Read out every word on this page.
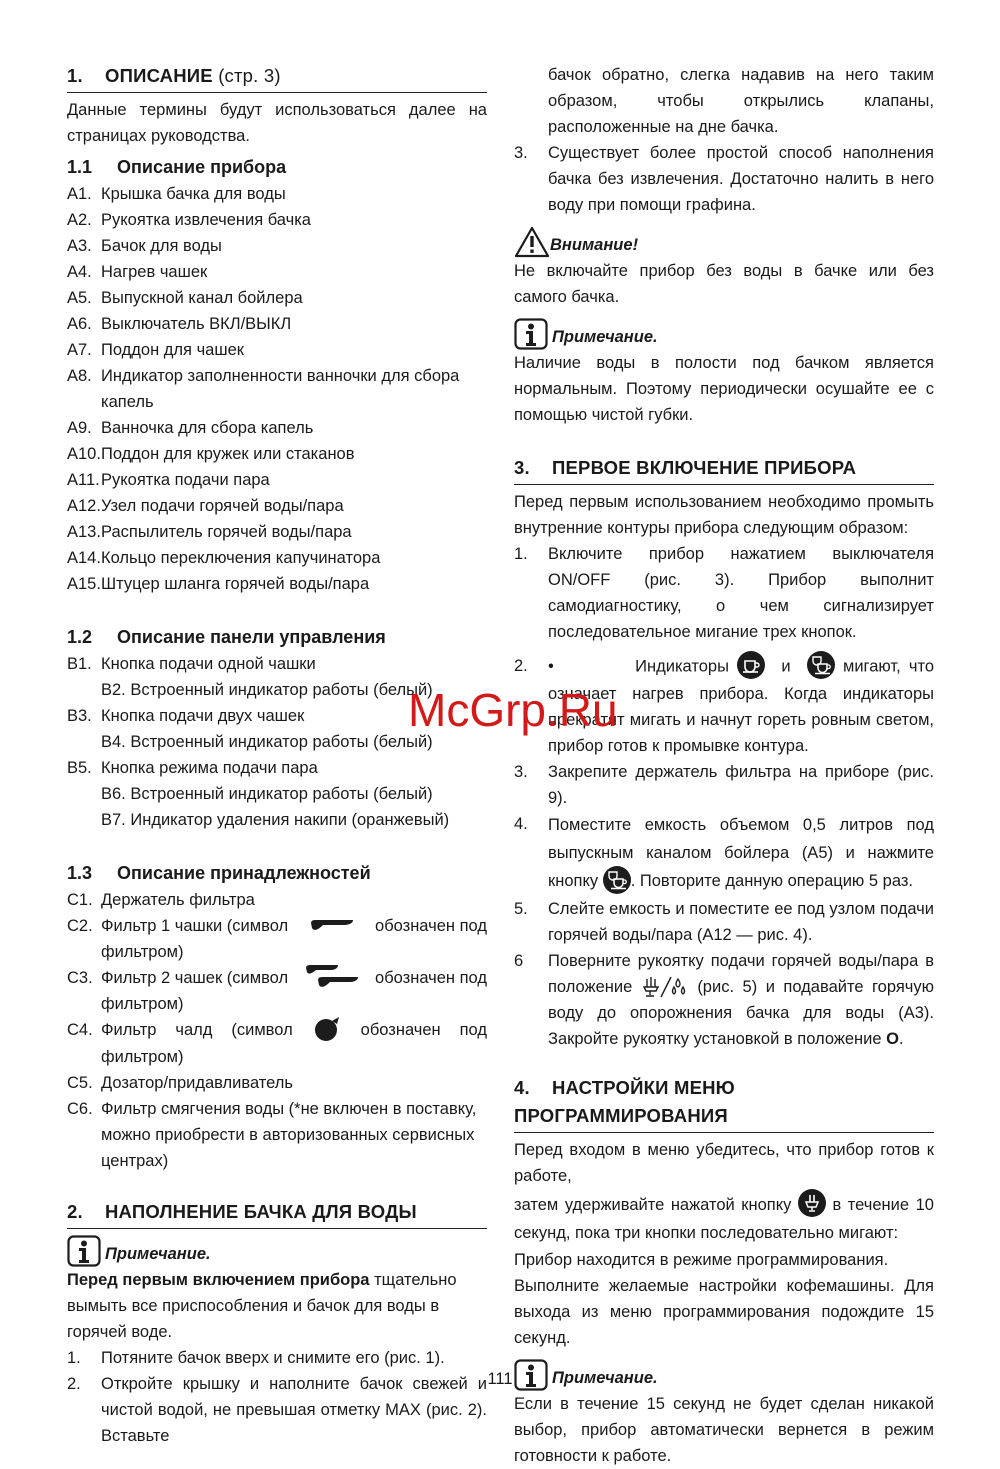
1. ОПИСАНИЕ (стр. 3)

Данные термины будут использоваться далее на страницах руководства.

1.1 Описание прибора
A1. Крышка бачка для воды
A2. Рукоятка извлечения бачка
A3. Бачок для воды
A4. Нагрев чашек
A5. Выпускной канал бойлера
A6. Выключатель ВКЛ/ВЫКЛ
A7. Поддон для чашек
A8. Индикатор заполненности ванночки для сбора капель
A9. Ванночка для сбора капель
A10. Поддон для кружек или стаканов
A11. Рукоятка подачи пара
A12. Узел подачи горячей воды/пара
A13. Распылитель горячей воды/пара
A14. Кольцо переключения капучинатора
A15. Штуцер шланга горячей воды/пара
1.2 Описание панели управления
B1. Кнопка подачи одной чашки

B2. Встроенный индикатор работы (белый)

B3. Кнопка подачи двух чашек

B4. Встроенный индикатор работы (белый)

B5. Кнопка режима подачи пара

B6. Встроенный индикатор работы (белый)

B7. Индикатор удаления накипи (оранжевый)

1.3 Описание принадлежностей
C1. Держатель фильтра
C2. Фильтр 1 чашки (символ	обозначен под
фильтром)
C3. Фильтр 2 чашек (символ	обозначен под
фильтром)
C4. Фильтр чалд (символ	обозначен под фильтром)
C5. Дозатор/придавливатель
C6. Фильтр смягчения воды (*не включен в поставку, можно приобрести в авторизованных сервисных центрах)
2. НАПОЛНЕНИЕ БАЧКА ДЛЯ ВОДЫ
Примечание.

Перед первым включением прибора тщательно вымыть все приспособления и бачок для воды в горячей воде.

1.	Потяните бачок вверх и снимите его (рис. 1).
2.	Откройте крышку и наполните бачок свежей и чистой водой, не превышая отметку MAX (рис. 2). Вставьте

бачок обратно, слегка надавив на него таким образом, чтобы открылись клапаны, расположенные на дне бачка.

3.	Существует более простой способ наполнения бачка без извлечения. Достаточно налить в него воду при помощи графина.
Внимание!

Не включайте прибор без воды в бачке или без самого бачка.

Примечание.

Наличие воды в полости под бачком является нормальным. Поэтому периодически осушайте ее с помощью чистой губки.

3. ПЕРВОЕ ВКЛЮЧЕНИЕ ПРИБОРА

Перед первым использованием необходимо промыть внутренние контуры прибора следующим образом:

1.	Включите прибор нажатием выключателя ON/OFF (рис. 3). Прибор выполнит самодиагностику, о чем сигнализирует последовательное мигание трех кнопок.
2.	•	Индикаторы	и	мигают, что означает нагрев прибора. Когда индикаторы прекратят мигать и начнут гореть ровным светом, прибор готов к промывке контура.
3.	Закрепите держатель фильтра на приборе (рис. 9).
4.	Поместите емкость объемом 0,5 литров под выпускным каналом бойлера (A5) и нажмите кнопку . Повторите данную операцию 5 раз.
5.	Слейте емкость и поместите ее под узлом подачи горячей воды/пара (A12 — рис. 4).
6	Поверните рукоятку подачи горячей воды/пара в положение	(рис. 5) и подавайте горячую воду до опорожнения бачка для воды (A3). Закройте рукоятку установкой в положение O.
4. НАСТРОЙКИ МЕНЮ ПРОГРАММИРОВАНИЯ

Перед входом в меню убедитесь, что прибор готов к работе,

затем удерживайте нажатой кнопку в течение 10 секунд, пока три кнопки последовательно мигают:

Прибор находится в режиме программирования.

Выполните желаемые настройки кофемашины. Для выхода из меню программирования подождите 15 секунд.

Примечание.

Если в течение 15 секунд не будет сделан никакой выбор, прибор автоматически вернется в режим готовности к работе.

McGrp.Ru
111
